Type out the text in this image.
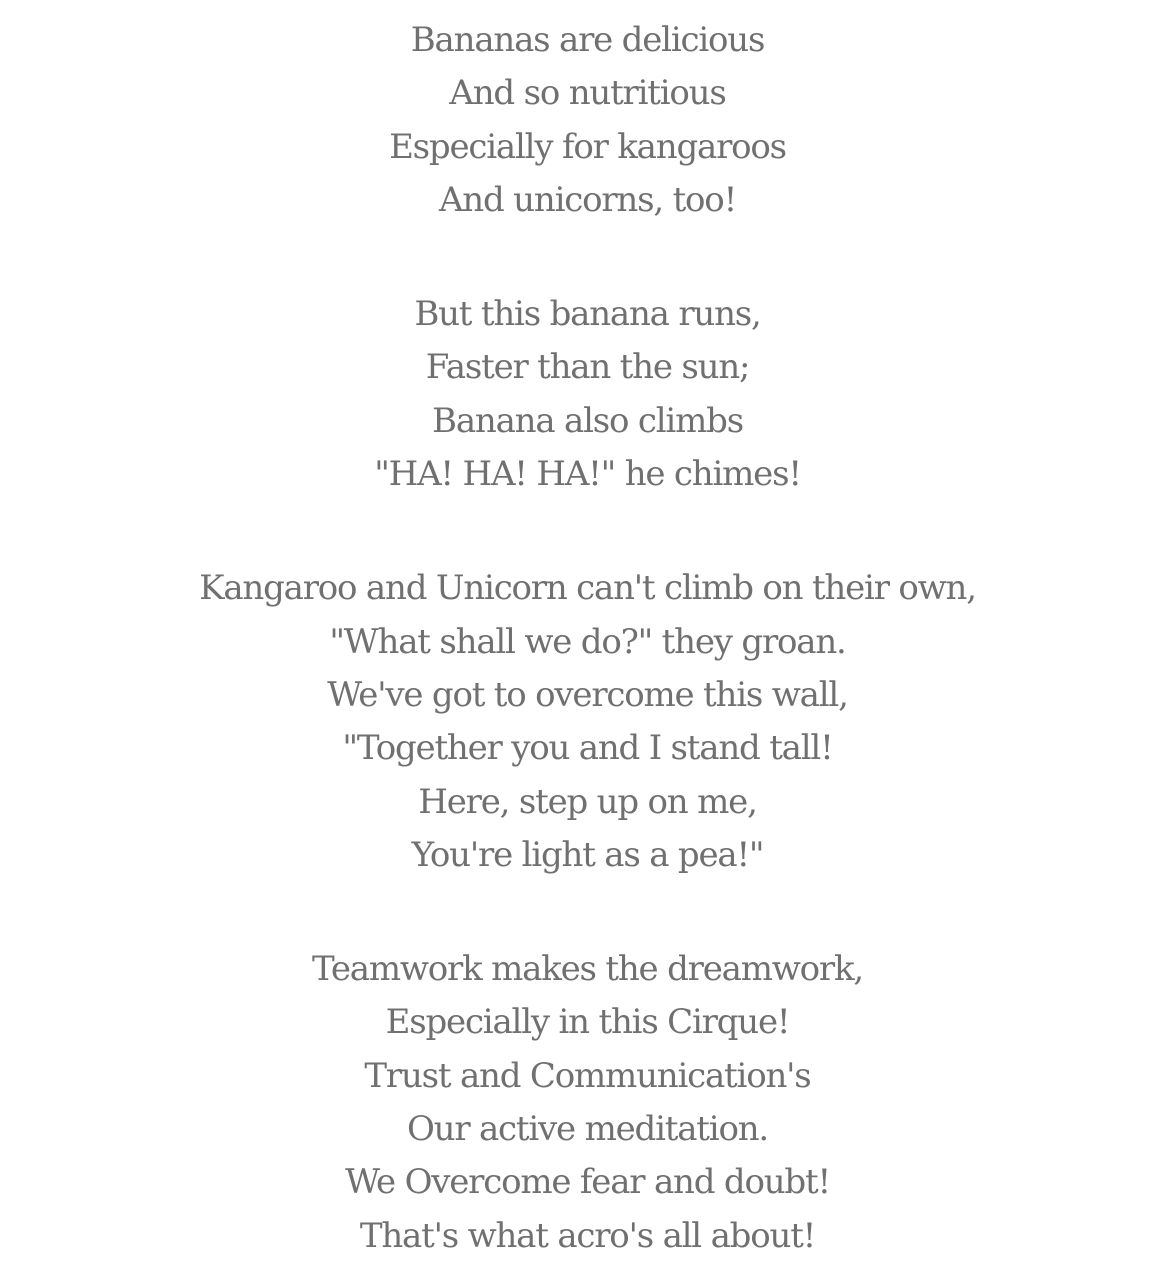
Bananas are delicious
And so nutritious
Especially for kangaroos
And unicorns, too!
But this banana runs,
Faster than the sun;
Banana also climbs
"HA! HA! HA!" he chimes!
Kangaroo and Unicorn can't climb on their own,
"What shall we do?" they groan.
We've got to overcome this wall,
"Together you and I stand tall!
Here, step up on me,
You're light as a pea!"
Teamwork makes the dreamwork,
Especially in this Cirque!
Trust and Communication's
Our active meditation.
We Overcome fear and doubt!
That's what acro's all about!
